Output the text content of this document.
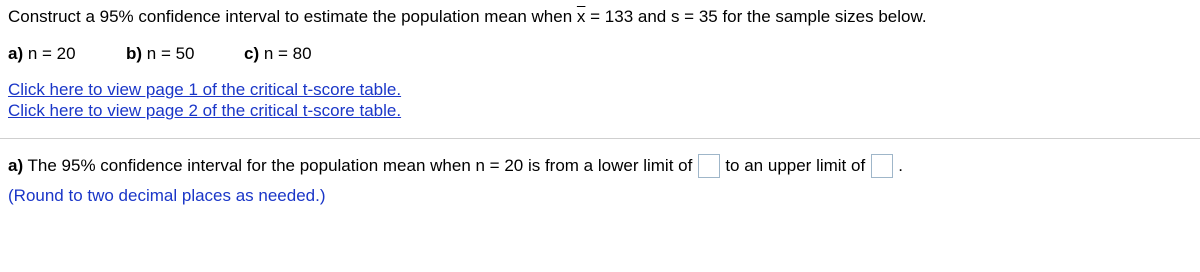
Construct a 95% confidence interval to estimate the population mean when $\overline{x} = 133$ and s = 35 for the sample sizes below.
a) n = 20	b) n = 50	c) n = 80
Click here to view page 1 of the critical t-score table.
Click here to view page 2 of the critical t-score table.
a) The 95% confidence interval for the population mean when n = 20 is from a lower limit of to an upper limit of .
(Round to two decimal places as needed.)
